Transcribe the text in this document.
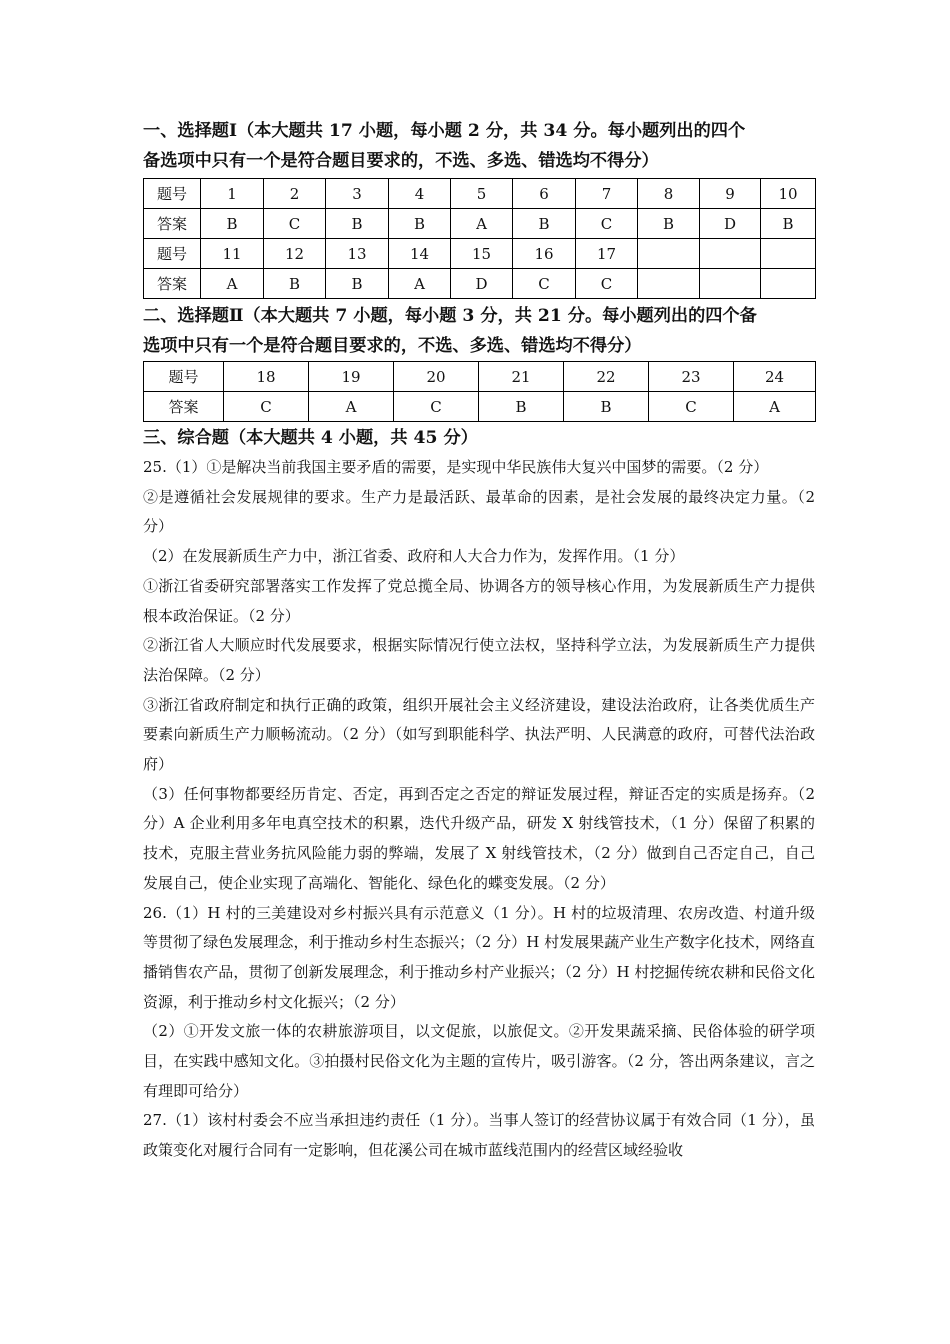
一、选择题Ⅰ（本大题共 17 小题，每小题 2 分，共 34 分。每小题列出的四个

备选项中只有一个是符合题目要求的，不选、多选、错选均不得分）

题号	1	2	3	4	5	6	7	8	9	10
答案	B	C	B	B	A	B	C	B	D	B
题号	11	12	13	14	15	16	17			
答案	A	B	B	A	D	C	C			

二、选择题Ⅱ（本大题共 7 小题，每小题 3 分，共 21 分。每小题列出的四个备

选项中只有一个是符合题目要求的，不选、多选、错选均不得分）

题号	18	19	20	21	22	23	24
答案	C	A	C	B	B	C	A

三、综合题（本大题共 4 小题，共 45 分）

25.（1）①是解决当前我国主要矛盾的需要，是实现中华民族伟大复兴中国梦的需要。（2 分）

②是遵循社会发展规律的要求。生产力是最活跃、最革命的因素，是社会发展的最终决定力量。（2 分）

（2）在发展新质生产力中，浙江省委、政府和人大合力作为，发挥作用。（1 分）

①浙江省委研究部署落实工作发挥了党总揽全局、协调各方的领导核心作用，为发展新质生产力提供根本政治保证。（2 分）

②浙江省人大顺应时代发展要求，根据实际情况行使立法权，坚持科学立法，为发展新质生产力提供法治保障。（2 分）

③浙江省政府制定和执行正确的政策，组织开展社会主义经济建设，建设法治政府，让各类优质生产要素向新质生产力顺畅流动。（2 分）（如写到职能科学、执法严明、人民满意的政府，可替代法治政府）

（3）任何事物都要经历肯定、否定，再到否定之否定的辩证发展过程，辩证否定的实质是扬弃。（2 分）A 企业利用多年电真空技术的积累，迭代升级产品，研发 X 射线管技术，（1 分）保留了积累的技术，克服主营业务抗风险能力弱的弊端，发展了 X 射线管技术，（2 分）做到自己否定自己，自己发展自己，使企业实现了高端化、智能化、绿色化的蝶变发展。（2 分）

26.（1）H 村的三美建设对乡村振兴具有示范意义（1 分）。H 村的垃圾清理、农房改造、村道升级等贯彻了绿色发展理念，利于推动乡村生态振兴；（2 分）H 村发展果蔬产业生产数字化技术，网络直播销售农产品，贯彻了创新发展理念，利于推动乡村产业振兴；（2 分）H 村挖掘传统农耕和民俗文化资源，利于推动乡村文化振兴；（2 分）

（2）①开发文旅一体的农耕旅游项目，以文促旅，以旅促文。②开发果蔬采摘、民俗体验的研学项目，在实践中感知文化。③拍摄村民俗文化为主题的宣传片，吸引游客。（2 分，答出两条建议，言之有理即可给分）

27.（1）该村村委会不应当承担违约责任（1 分）。当事人签订的经营协议属于有效合同（1 分），虽政策变化对履行合同有一定影响，但花溪公司在城市蓝线范围内的经营区域经验收
